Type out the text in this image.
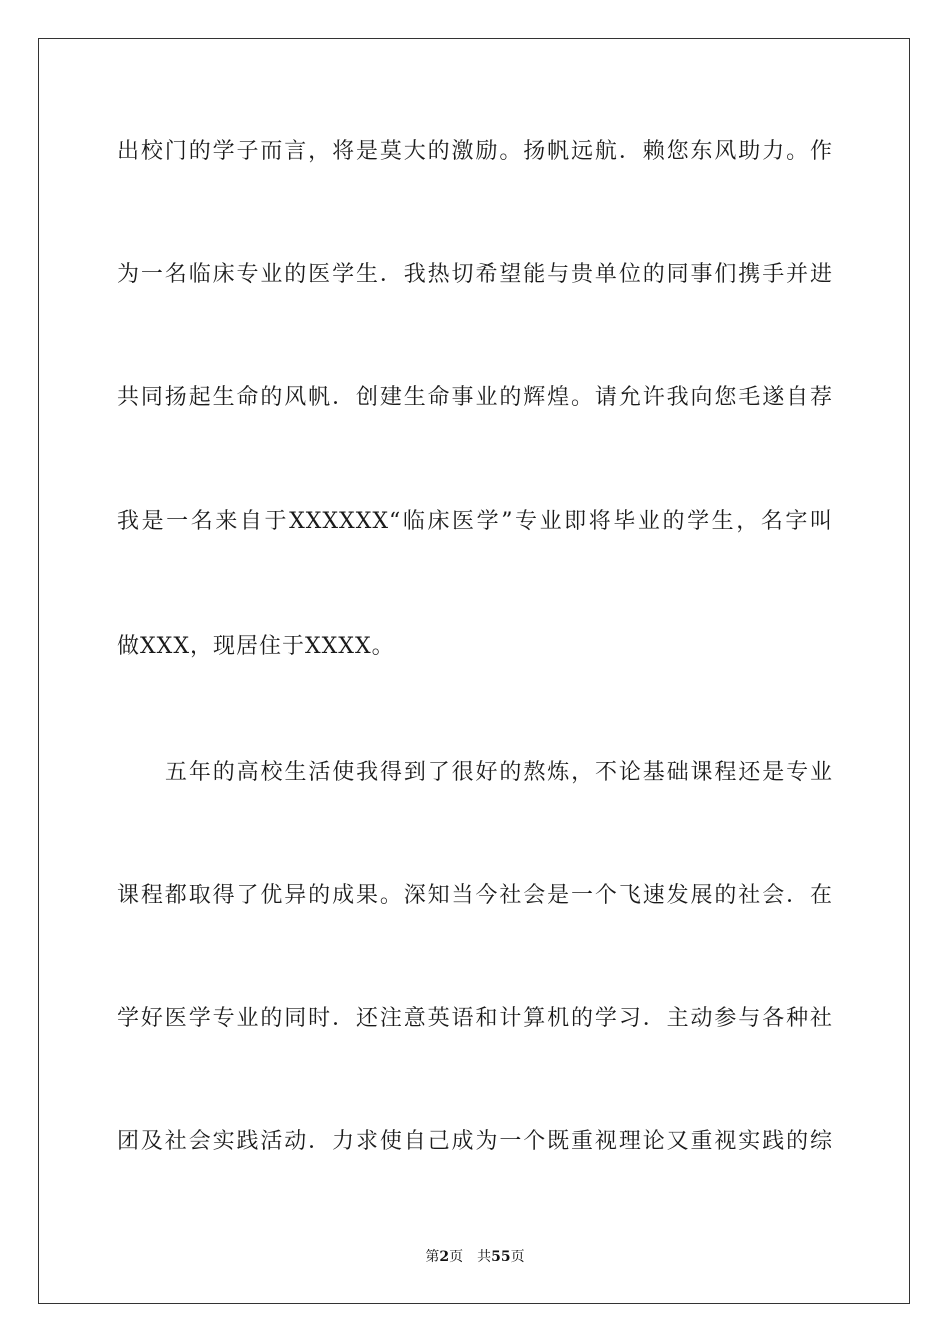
出校门的学子而言，将是莫大的激励。扬帆远航．赖您东风助力。作
为一名临床专业的医学生．我热切希望能与贵单位的同事们携手并进
共同扬起生命的风帆．创建生命事业的辉煌。请允许我向您毛遂自荐
我是一名来自于XXXXXX“临床医学”专业即将毕业的学生，名字叫
做XXX，现居住于XXXX。
五年的高校生活使我得到了很好的熬炼，不论基础课程还是专业
课程都取得了优异的成果。深知当今社会是一个飞速发展的社会．在
学好医学专业的同时．还注意英语和计算机的学习．主动参与各种社
团及社会实践活动．力求使自己成为一个既重视理论又重视实践的综
第2页 共55页
